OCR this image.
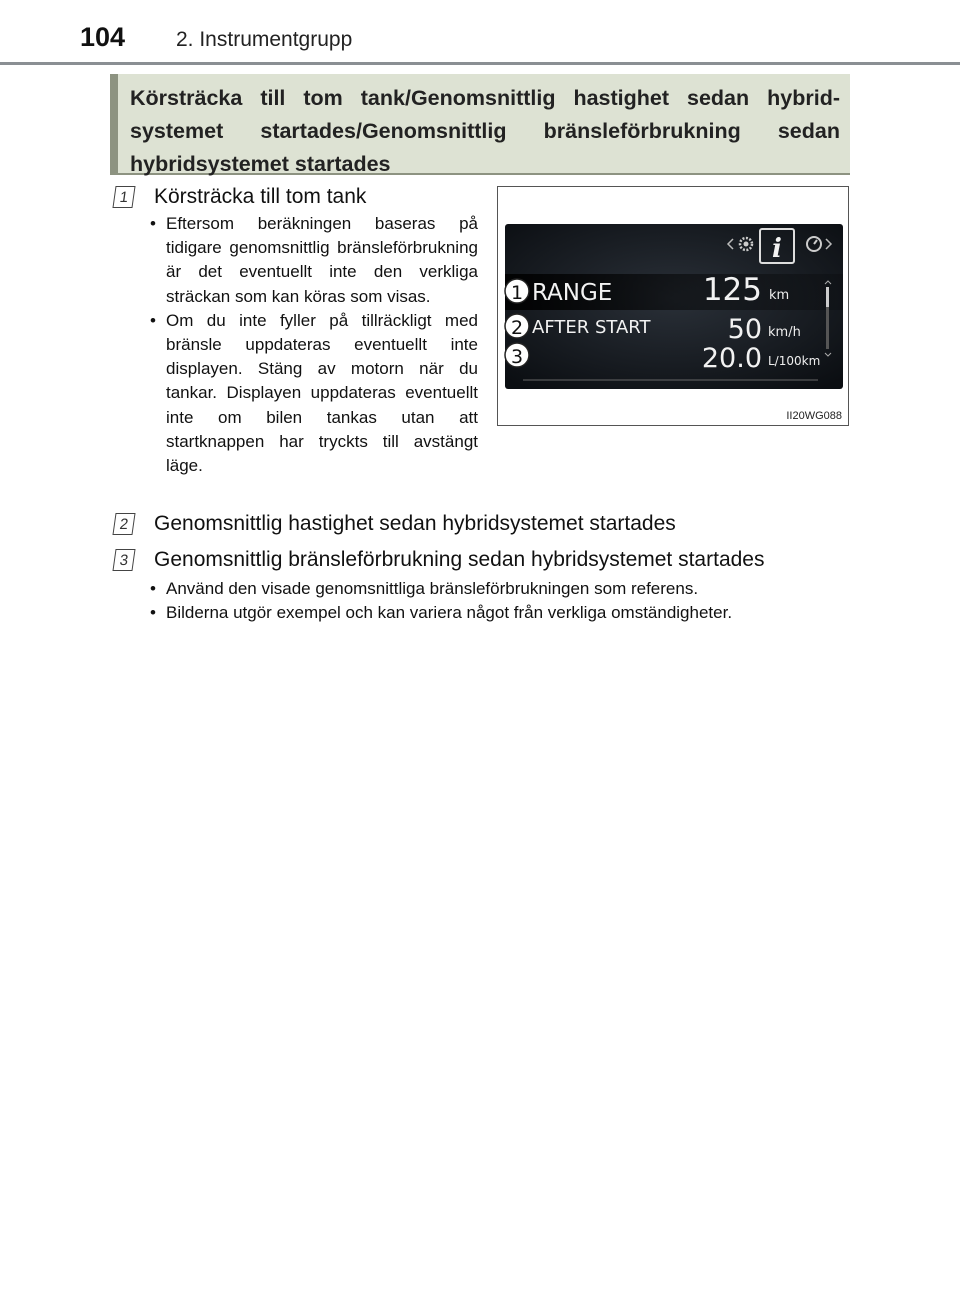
104 2. Instrumentgrupp
Körsträcka till tom tank/Genomsnittlig hastighet sedan hybridsystemet startades/Genomsnittlig bränsleförbrukning sedan hybridsystemet startades
1 Körsträcka till tom tank
• Eftersom beräkningen baseras på tidigare genomsnittlig bränsleförbrukning är det eventuellt inte den verkliga sträckan som kan köras som visas.
• Om du inte fyller på tillräckligt med bränsle uppdateras eventuellt inte displayen. Stäng av motorn när du tankar. Displayen uppdateras eventuellt inte om bilen tankas utan att startknappen har tryckts till avstängt läge.
i
1 RANGE	125 km
2 AFTER START	50 km/h
3	20.0 L/100km
II20WG088
2 Genomsnittlig hastighet sedan hybridsystemet startades
3 Genomsnittlig bränsleförbrukning sedan hybridsystemet startades
• Använd den visade genomsnittliga bränsleförbrukningen som referens.
• Bilderna utgör exempel och kan variera något från verkliga omständigheter.
